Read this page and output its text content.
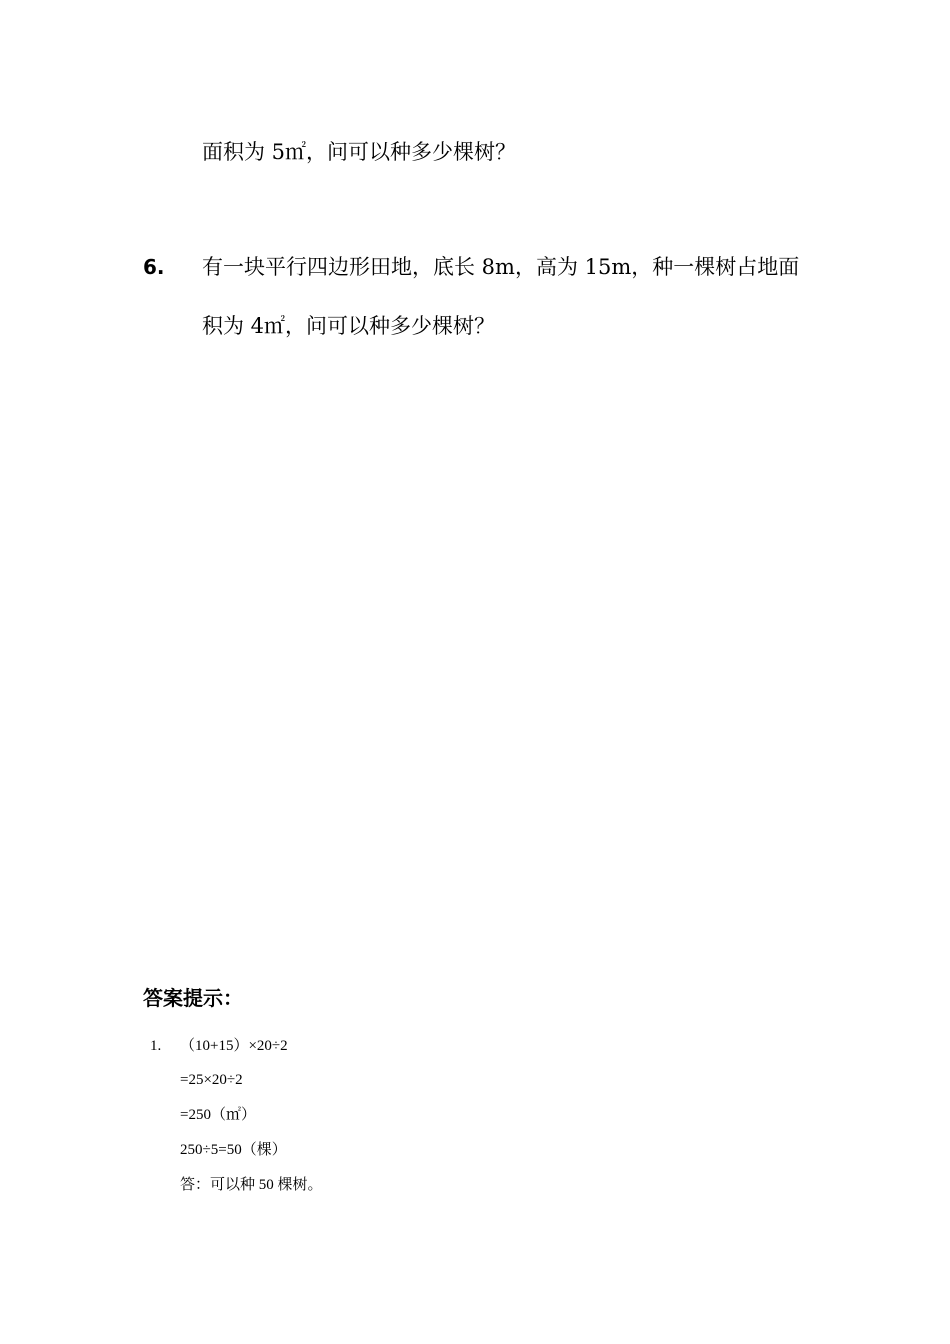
面积为 5㎡，问可以种多少棵树？
6. 有一块平行四边形田地，底长 8m，高为 15m，种一棵树占地面
积为 4㎡，问可以种多少棵树？
答案提示：
1. （10+15）×20÷2
=25×20÷2
=250（㎡）
250÷5=50（棵）
答：可以种 50 棵树。
